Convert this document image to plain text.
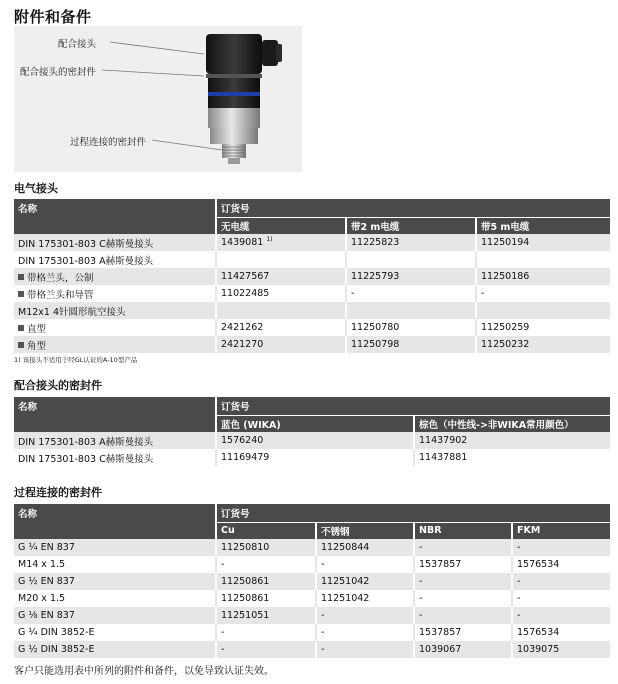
附件和备件
配合接头
配合接头的密封件
过程连接的密封件
电气接头
名称	订货号		
	无电缆	带2 m电缆	带5 m电缆
DIN 175301-803 C赫斯曼接头	1439081 $^{1)}$	11225823	11250194
DIN 175301-803 A赫斯曼接头			
带格兰头，公制	11427567	11225793	11250186
带格兰头和导管	11022485	-	-
M12x1 4针圆形航空接头			
直型	2421262	11250780	11250259
角型	2421270	11250798	11250232
1) 该接头不适用于经GL认证的A-10型产品
配合接头的密封件
名称	订货号	
	蓝色 (WIKA)	棕色（中性线->非WIKA常用颜色）
DIN 175301-803 A赫斯曼接头	1576240	11437902
DIN 175301-803 C赫斯曼接头	11169479	11437881
过程连接的密封件
名称	订货号			
	Cu	不锈钢	NBR	FKM
G ¼ EN 837	11250810	11250844	-	-
M14 x 1.5	-	-	1537857	1576534
G ½ EN 837	11250861	11251042	-	-
M20 x 1.5	11250861	11251042	-	-
G ⅛ EN 837	11251051	-	-	-
G ¼ DIN 3852-E	-	-	1537857	1576534
G ½ DIN 3852-E	-	-	1039067	1039075
客户只能选用表中所列的附件和备件，以免导致认证失效。
